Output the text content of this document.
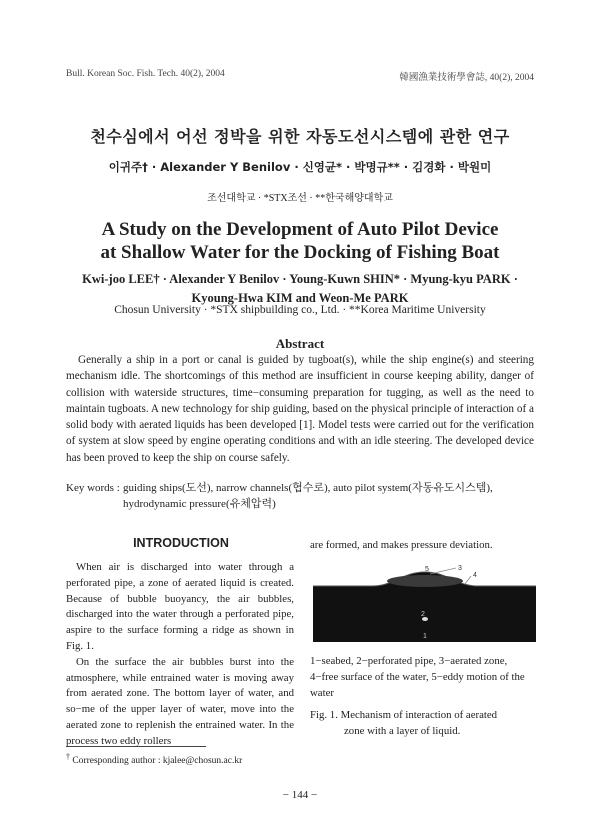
Bull. Korean Soc. Fish. Tech. 40(2), 2004	韓國漁業技術學會誌, 40(2), 2004
천수심에서 어선 정박을 위한 자동도선시스템에 관한 연구
이귀주† · Alexander Y Benilov · 신영균* · 박명규** · 김경화 · 박원미
조선대학교 · *STX조선 · **한국해양대학교
A Study on the Development of Auto Pilot Device
at Shallow Water for the Docking of Fishing Boat
Kwi-joo LEE† · Alexander Y Benilov · Young-Kuwn SHIN* · Myung-kyu PARK ·
Kyoung-Hwa KIM and Weon-Me PARK
Chosun University · *STX shipbuilding co., Ltd. · **Korea Maritime University
Abstract

Generally a ship in a port or canal is guided by tugboat(s), while the ship engine(s) and steering mechanism idle. The shortcomings of this method are insufficient in course keeping ability, danger of collision with waterside structures, time−consuming preparation for tugging, as well as the need to maintain tugboats. A new technology for ship guiding, based on the physical principle of interaction of a solid body with aerated liquids has been developed [1]. Model tests were carried out for the verification of system at slow speed by engine operating conditions and with an idle steering. The developed device has been proved to keep the ship on course safely.

Key words : guiding ships(도선), narrow channels(협수로), auto pilot system(자동유도시스템), hydrodynamic pressure(유체압력)
INTRODUCTION

When air is discharged into water through a perforated pipe, a zone of aerated liquid is created. Because of bubble buoyancy, the air bubbles, discharged into the water through a perforated pipe, aspire to the surface forming a ridge as shown in Fig. 1.

On the surface the air bubbles burst into the atmosphere, while entrained water is moving away from aerated zone. The bottom layer of water, and so−me of the upper layer of water, move into the aerated zone to replenish the entrained water. In the process two eddy rollers

are formed, and makes pressure deviation.
5	3
4
2
1
1−seabed, 2−perforated pipe, 3−aerated zone, 4−free surface of the water, 5−eddy motion of the water
Fig. 1. Mechanism of interaction of aerated
zone with a layer of liquid.
† Corresponding author : kjalee@chosun.ac.kr
− 144 −
